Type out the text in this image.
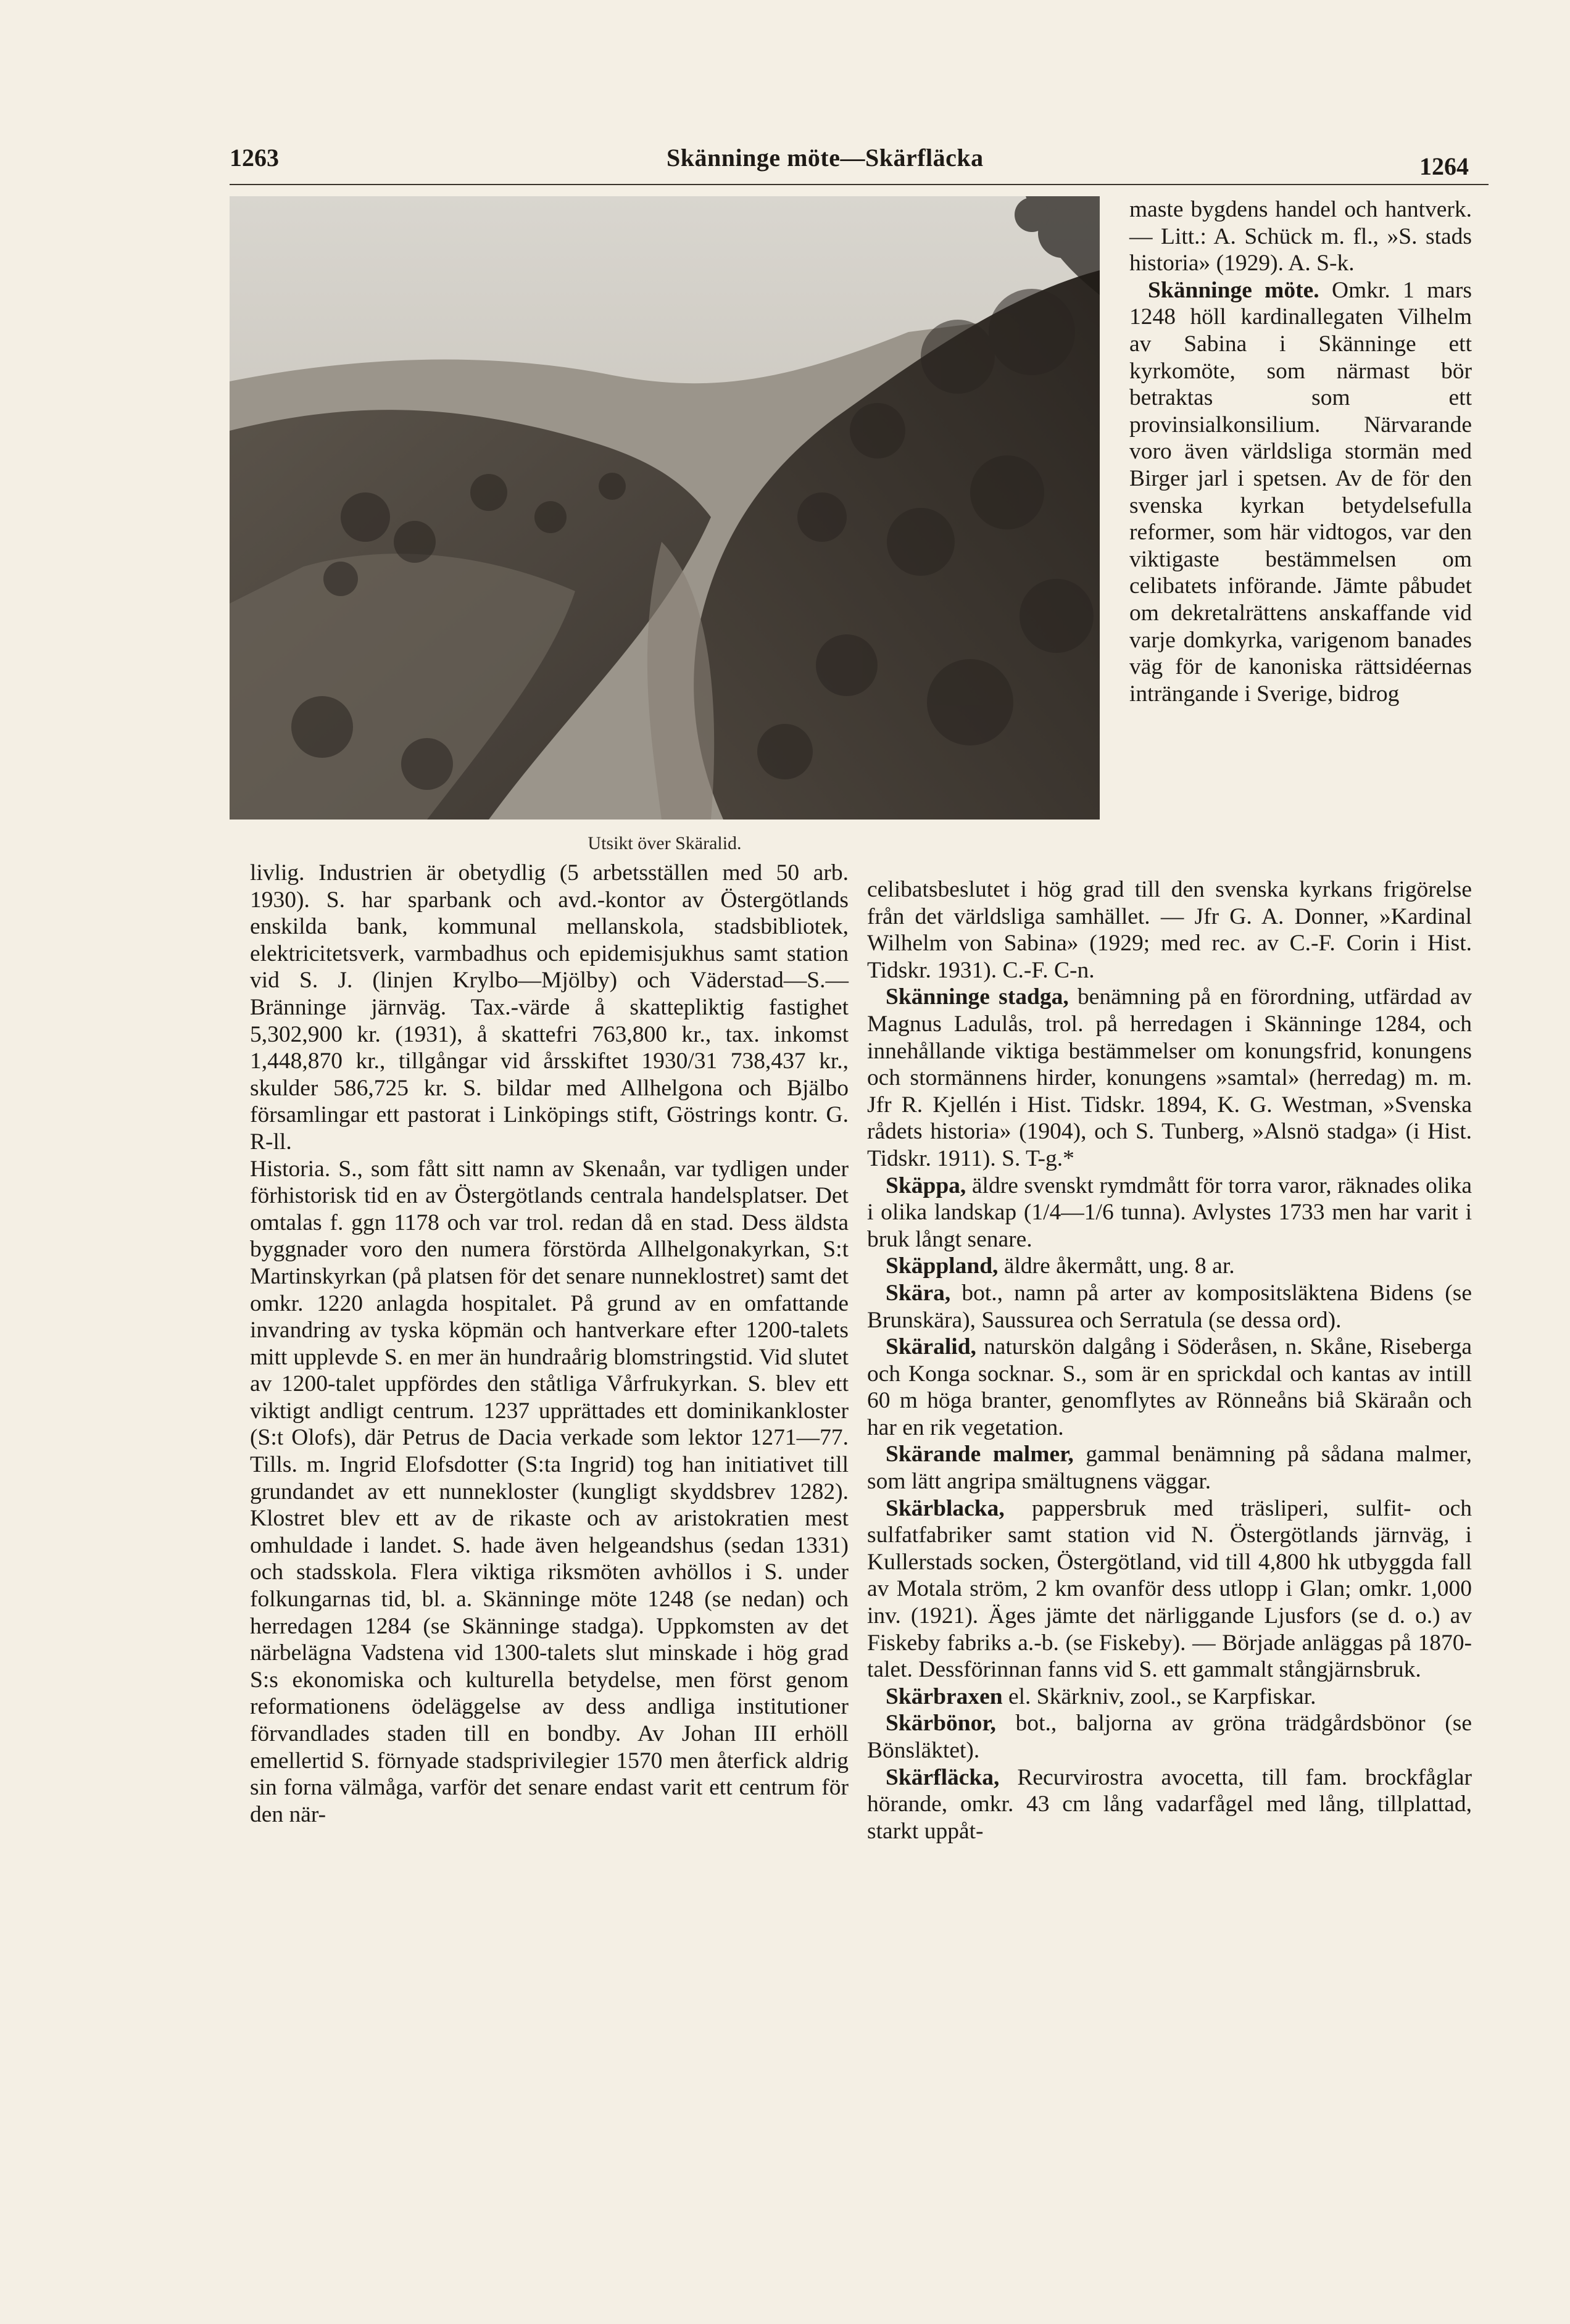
1263	Skänninge möte—Skärfläcka	1264
Utsikt över Skäralid.

livlig. Industrien är obetydlig (5 arbetsställen med 50 arb. 1930). S. har sparbank och avd.-kontor av Östergötlands enskilda bank, kommunal mellanskola, stadsbibliotek, elektricitetsverk, varmbadhus och epidemisjukhus samt station vid S. J. (linjen Krylbo—Mjölby) och Väderstad—S.—Bränninge järnväg. Tax.-värde å skattepliktig fastighet 5,302,900 kr. (1931), å skattefri 763,800 kr., tax. inkomst 1,448,870 kr., tillgångar vid årsskiftet 1930/31 738,437 kr., skulder 586,725 kr. S. bildar med Allhelgona och Bjälbo församlingar ett pastorat i Linköpings stift, Göstrings kontr. G. R-ll.

Historia. S., som fått sitt namn av Skenaån, var tydligen under förhistorisk tid en av Östergötlands centrala handelsplatser. Det omtalas f. ggn 1178 och var trol. redan då en stad. Dess äldsta byggnader voro den numera förstörda Allhelgonakyrkan, S:t Martinskyrkan (på platsen för det senare nunneklostret) samt det omkr. 1220 anlagda hospitalet. På grund av en omfattande invandring av tyska köpmän och hantverkare efter 1200-talets mitt upplevde S. en mer än hundraårig blomstringstid. Vid slutet av 1200-talet uppfördes den ståtliga Vårfrukyrkan. S. blev ett viktigt andligt centrum. 1237 upprättades ett dominikankloster (S:t Olofs), där Petrus de Dacia verkade som lektor 1271—77. Tills. m. Ingrid Elofsdotter (S:ta Ingrid) tog han initiativet till grundandet av ett nunnekloster (kungligt skyddsbrev 1282). Klostret blev ett av de rikaste och av aristokratien mest omhuldade i landet. S. hade även helgeandshus (sedan 1331) och stadsskola. Flera viktiga riksmöten avhöllos i S. under folkungarnas tid, bl. a. Skänninge möte 1248 (se nedan) och herredagen 1284 (se Skänninge stadga). Uppkomsten av det närbelägna Vadstena vid 1300-talets slut minskade i hög grad S:s ekonomiska och kulturella betydelse, men först genom reformationens ödeläggelse av dess andliga institutioner förvandlades staden till en bondby. Av Johan III erhöll emellertid S. förnyade stadsprivilegier 1570 men återfick aldrig sin forna välmåga, varför det senare endast varit ett centrum för den när-

maste bygdens handel och hantverk. — Litt.: A. Schück m. fl., »S. stads historia» (1929). A. S-k.

Skänninge möte. Omkr. 1 mars 1248 höll kardinallegaten Vilhelm av Sabina i Skänninge ett kyrkomöte, som närmast bör betraktas som ett provinsialkonsilium. Närvarande voro även världsliga stormän med Birger jarl i spetsen. Av de för den svenska kyrkan betydelsefulla reformer, som här vidtogos, var den viktigaste bestämmelsen om celibatets införande. Jämte påbudet om dekretalrättens anskaffande vid varje domkyrka, varigenom banades väg för de kanoniska rättsidéernas inträngande i Sverige, bidrog

celibatsbeslutet i hög grad till den svenska kyrkans frigörelse från det världsliga samhället. — Jfr G. A. Donner, »Kardinal Wilhelm von Sabina» (1929; med rec. av C.-F. Corin i Hist. Tidskr. 1931). C.-F. C-n.

Skänninge stadga, benämning på en förordning, utfärdad av Magnus Ladulås, trol. på herredagen i Skänninge 1284, och innehållande viktiga bestämmelser om konungsfrid, konungens och stormännens hirder, konungens »samtal» (herredag) m. m. Jfr R. Kjellén i Hist. Tidskr. 1894, K. G. Westman, »Svenska rådets historia» (1904), och S. Tunberg, »Alsnö stadga» (i Hist. Tidskr. 1911). S. T-g.*

Skäppa, äldre svenskt rymdmått för torra varor, räknades olika i olika landskap (1/4—1/6 tunna). Avlystes 1733 men har varit i bruk långt senare.

Skäppland, äldre åkermått, ung. 8 ar.

Skära, bot., namn på arter av kompositsläktena Bidens (se Brunskära), Saussurea och Serratula (se dessa ord).

Skäralid, naturskön dalgång i Söderåsen, n. Skåne, Riseberga och Konga socknar. S., som är en sprickdal och kantas av intill 60 m höga branter, genomflytes av Rönneåns biå Skäraån och har en rik vegetation.

Skärande malmer, gammal benämning på sådana malmer, som lätt angripa smältugnens väggar.

Skärblacka, pappersbruk med träsliperi, sulfit- och sulfatfabriker samt station vid N. Östergötlands järnväg, i Kullerstads socken, Östergötland, vid till 4,800 hk utbyggda fall av Motala ström, 2 km ovanför dess utlopp i Glan; omkr. 1,000 inv. (1921). Äges jämte det närliggande Ljusfors (se d. o.) av Fiskeby fabriks a.-b. (se Fiskeby). — Började anläggas på 1870-talet. Dessförinnan fanns vid S. ett gammalt stångjärnsbruk.

Skärbraxen el. Skärkniv, zool., se Karpfiskar.

Skärbönor, bot., baljorna av gröna trädgårdsbönor (se Bönsläktet).

Skärfläcka, Recurvirostra avocetta, till fam. brockfåglar hörande, omkr. 43 cm lång vadarfågel med lång, tillplattad, starkt uppåt-
